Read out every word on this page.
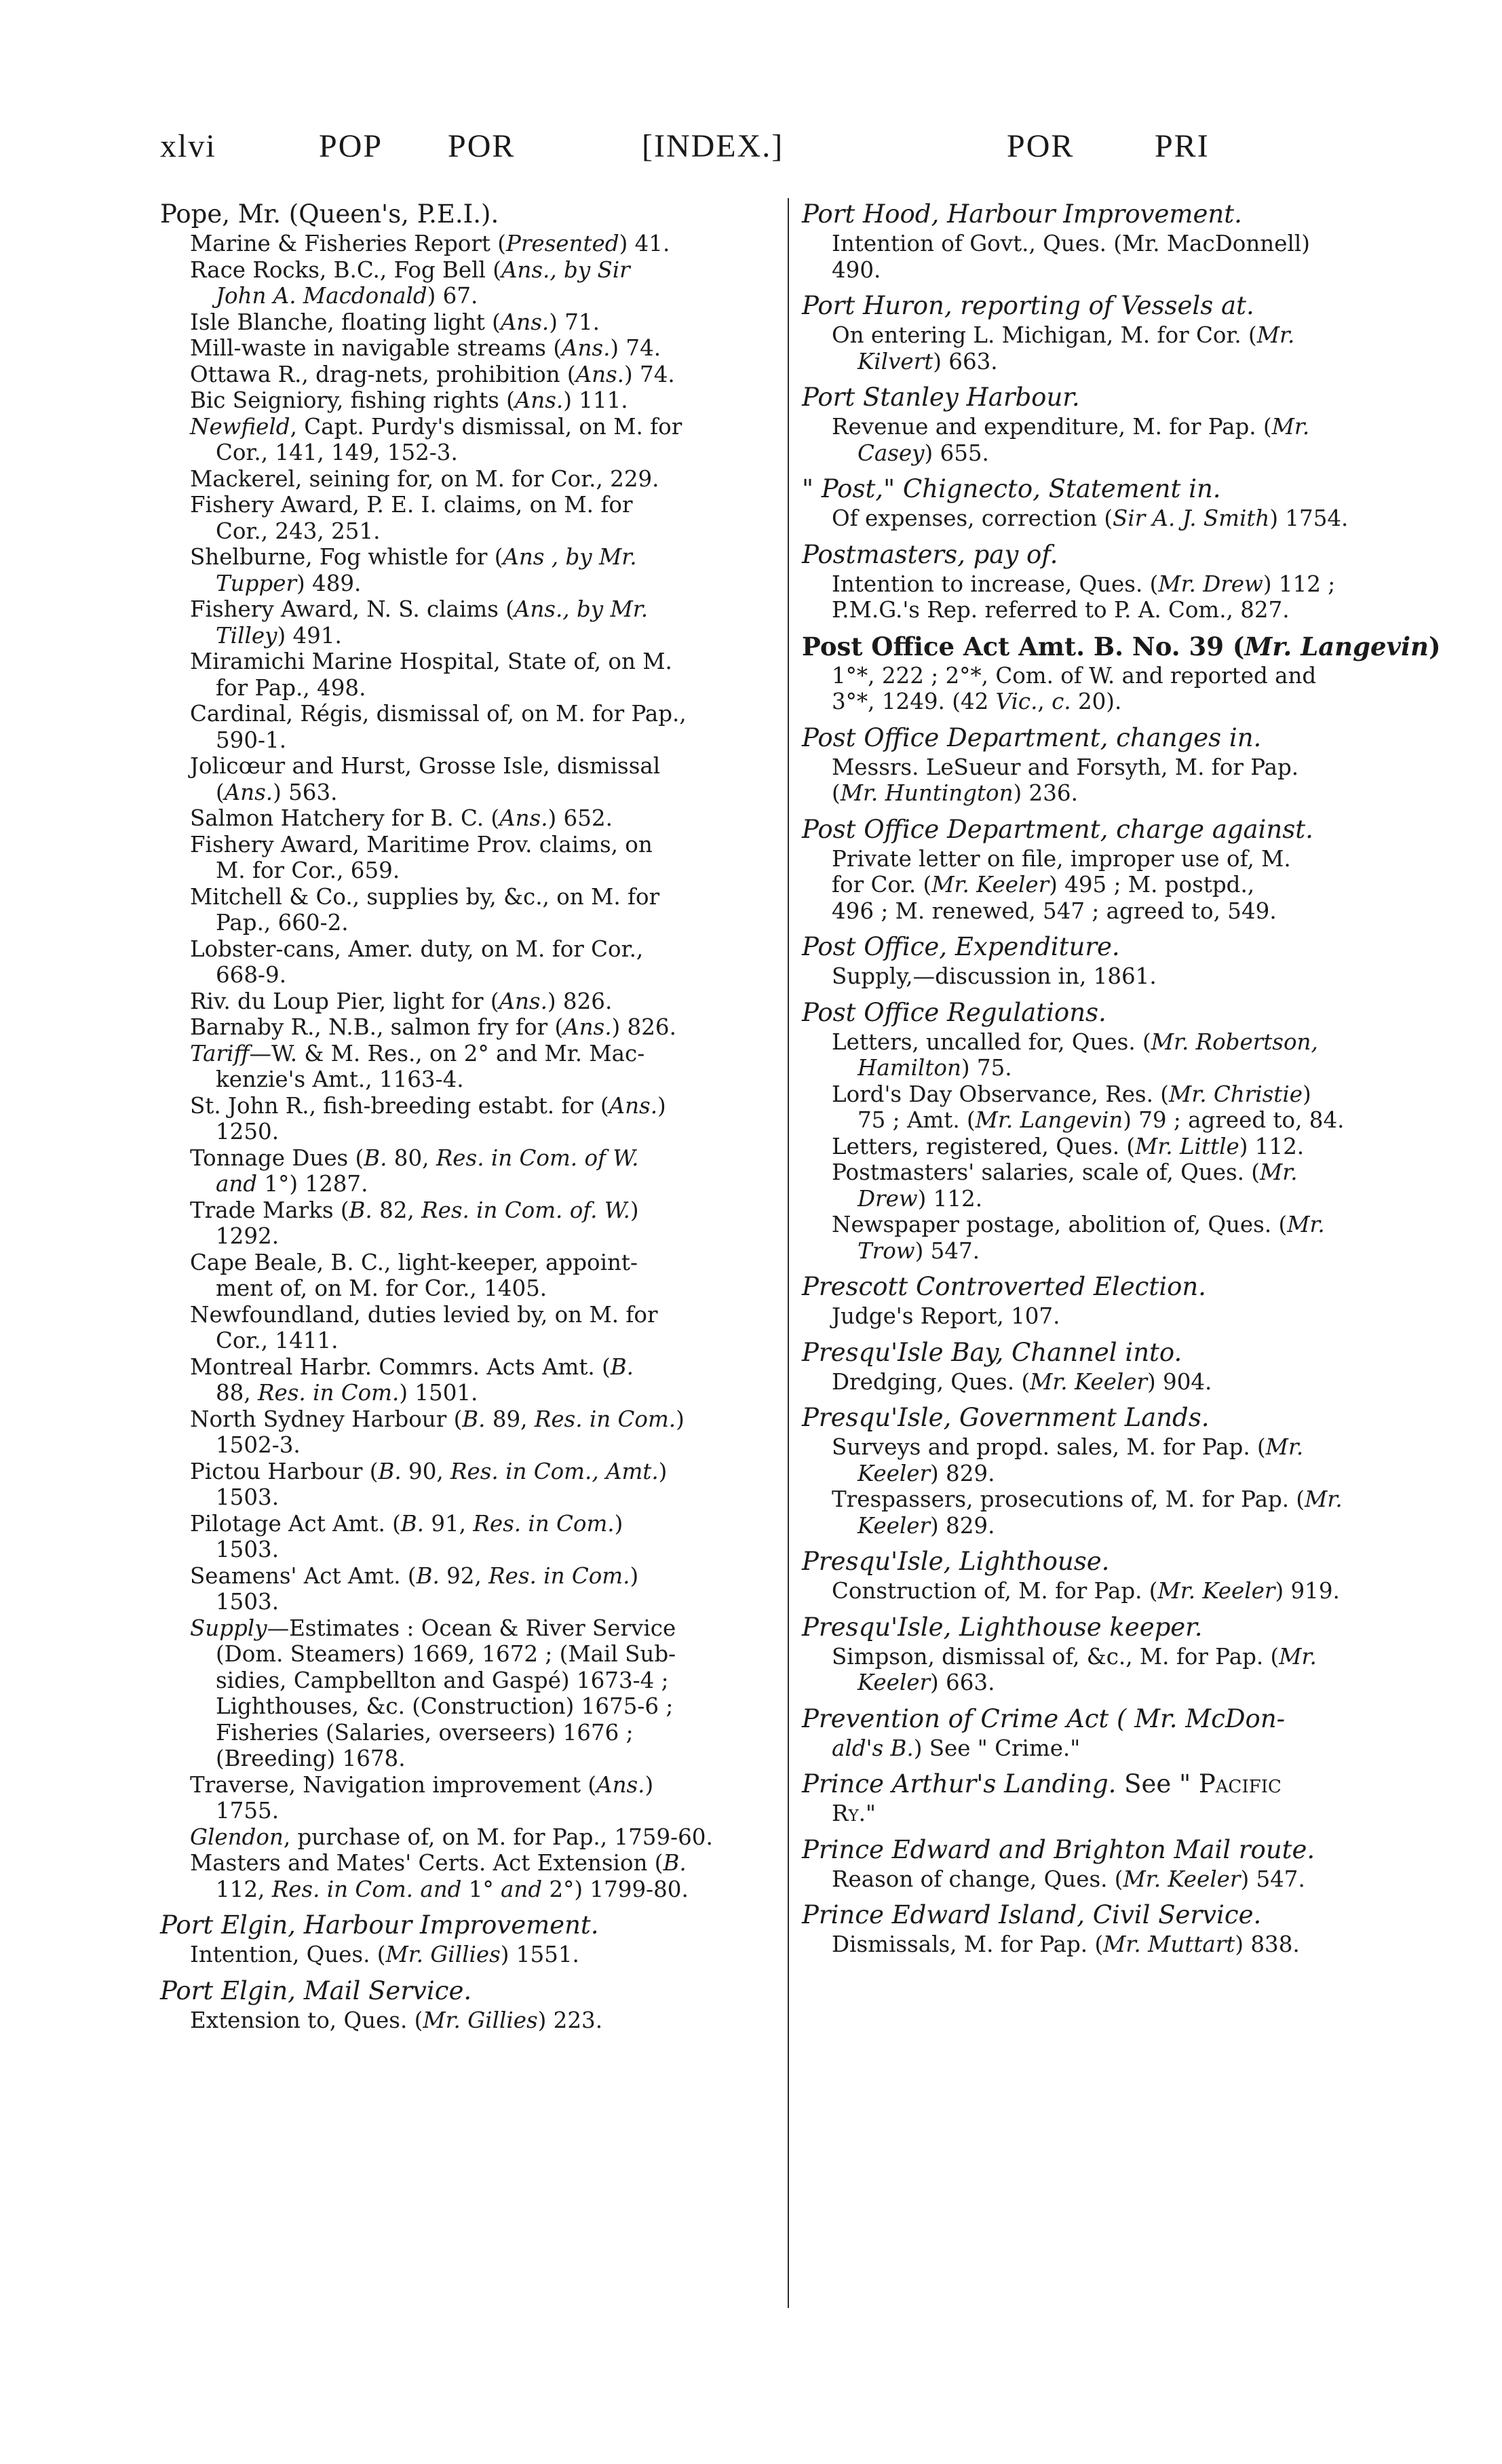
xlvi	POP POR	[INDEX.]	POR PRI
Pope, Mr. (Queen's, P.E.I.).
Marine & Fisheries Report (Presented) 41.
Race Rocks, B.C., Fog Bell (Ans., by Sir
John A. Macdonald) 67.
Isle Blanche, floating light (Ans.) 71.
Mill-waste in navigable streams (Ans.) 74.
Ottawa R., drag-nets, prohibition (Ans.) 74.
Bic Seigniory, fishing rights (Ans.) 111.
Newfield, Capt. Purdy's dismissal, on M. for
Cor., 141, 149, 152-3.
Mackerel, seining for, on M. for Cor., 229.
Fishery Award, P. E. I. claims, on M. for
Cor., 243, 251.
Shelburne, Fog whistle for (Ans , by Mr.
Tupper) 489.
Fishery Award, N. S. claims (Ans., by Mr.
Tilley) 491.
Miramichi Marine Hospital, State of, on M.
for Pap., 498.
Cardinal, Régis, dismissal of, on M. for Pap.,
590-1.
Jolicœur and Hurst, Grosse Isle, dismissal
(Ans.) 563.
Salmon Hatchery for B. C. (Ans.) 652.
Fishery Award, Maritime Prov. claims, on
M. for Cor., 659.
Mitchell & Co., supplies by, &c., on M. for
Pap., 660-2.
Lobster-cans, Amer. duty, on M. for Cor.,
668-9.
Riv. du Loup Pier, light for (Ans.) 826.
Barnaby R., N.B., salmon fry for (Ans.) 826.
Tariff—W. & M. Res., on 2° and Mr. Mac-
kenzie's Amt., 1163-4.
St. John R., fish-breeding estabt. for (Ans.)
1250.
Tonnage Dues (B. 80, Res. in Com. of W.
and 1°) 1287.
Trade Marks (B. 82, Res. in Com. of. W.)
1292.
Cape Beale, B. C., light-keeper, appoint-
ment of, on M. for Cor., 1405.
Newfoundland, duties levied by, on M. for
Cor., 1411.
Montreal Harbr. Commrs. Acts Amt. (B.
88, Res. in Com.) 1501.
North Sydney Harbour (B. 89, Res. in Com.)
1502-3.
Pictou Harbour (B. 90, Res. in Com., Amt.)
1503.
Pilotage Act Amt. (B. 91, Res. in Com.)
1503.
Seamens' Act Amt. (B. 92, Res. in Com.)
1503.
Supply—Estimates : Ocean & River Service
(Dom. Steamers) 1669, 1672 ; (Mail Sub-
sidies, Campbellton and Gaspé) 1673-4 ;
Lighthouses, &c. (Construction) 1675-6 ;
Fisheries (Salaries, overseers) 1676 ;
(Breeding) 1678.
Traverse, Navigation improvement (Ans.)
1755.
Glendon, purchase of, on M. for Pap., 1759-60.
Masters and Mates' Certs. Act Extension (B.
112, Res. in Com. and 1° and 2°) 1799-80.
Port Elgin, Harbour Improvement.
Intention, Ques. (Mr. Gillies) 1551.
Port Elgin, Mail Service.
Extension to, Ques. (Mr. Gillies) 223.
Port Hood, Harbour Improvement.
Intention of Govt., Ques. (Mr. MacDonnell)
490.
Port Huron, reporting of Vessels at.
On entering L. Michigan, M. for Cor. (Mr.
Kilvert) 663.
Port Stanley Harbour.
Revenue and expenditure, M. for Pap. (Mr.
Casey) 655.
" Post," Chignecto, Statement in.
Of expenses, correction (Sir A. J. Smith) 1754.
Postmasters, pay of.
Intention to increase, Ques. (Mr. Drew) 112 ;
P.M.G.'s Rep. referred to P. A. Com., 827.
Post Office Act Amt. B. No. 39 (Mr. Langevin)
1°*, 222 ; 2°*, Com. of W. and reported and
3°*, 1249. (42 Vic., c. 20).
Post Office Department, changes in.
Messrs. LeSueur and Forsyth, M. for Pap.
(Mr. Huntington) 236.
Post Office Department, charge against.
Private letter on file, improper use of, M.
for Cor. (Mr. Keeler) 495 ; M. postpd.,
496 ; M. renewed, 547 ; agreed to, 549.
Post Office, Expenditure.
Supply,—discussion in, 1861.
Post Office Regulations.
Letters, uncalled for, Ques. (Mr. Robertson,
Hamilton) 75.
Lord's Day Observance, Res. (Mr. Christie)
75 ; Amt. (Mr. Langevin) 79 ; agreed to, 84.
Letters, registered, Ques. (Mr. Little) 112.
Postmasters' salaries, scale of, Ques. (Mr.
Drew) 112.
Newspaper postage, abolition of, Ques. (Mr.
Trow) 547.
Prescott Controverted Election.
Judge's Report, 107.
Presqu'Isle Bay, Channel into.
Dredging, Ques. (Mr. Keeler) 904.
Presqu'Isle, Government Lands.
Surveys and propd. sales, M. for Pap. (Mr.
Keeler) 829.
Trespassers, prosecutions of, M. for Pap. (Mr.
Keeler) 829.
Presqu'Isle, Lighthouse.
Construction of, M. for Pap. (Mr. Keeler) 919.
Presqu'Isle, Lighthouse keeper.
Simpson, dismissal of, &c., M. for Pap. (Mr.
Keeler) 663.
Prevention of Crime Act ( Mr. McDon-
ald's B.) See " Crime."
Prince Arthur's Landing. See " Pacific
Ry."
Prince Edward and Brighton Mail route.
Reason of change, Ques. (Mr. Keeler) 547.
Prince Edward Island, Civil Service.
Dismissals, M. for Pap. (Mr. Muttart) 838.
